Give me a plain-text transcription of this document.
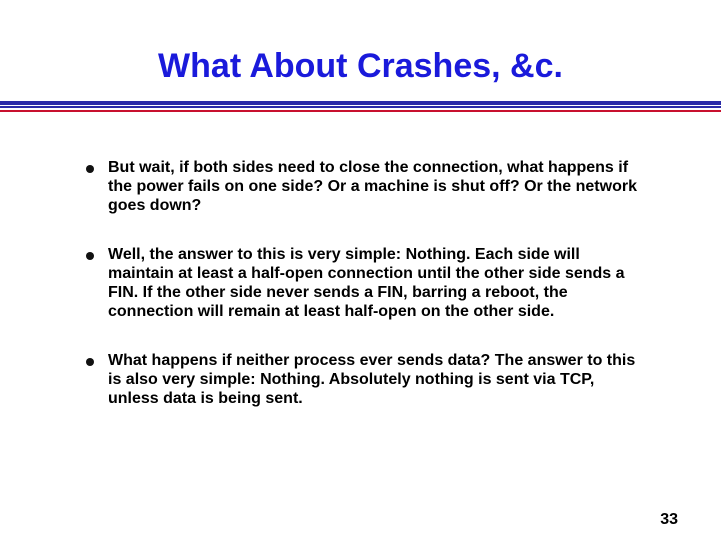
What About Crashes, &c.
But wait, if both sides need to close the connection, what happens if the power fails on one side? Or a machine is shut off? Or the network goes down?
Well, the answer to this is very simple: Nothing. Each side will maintain at least a half-open connection until the other side sends a FIN. If the other side never sends a FIN, barring a reboot, the connection will remain at least half-open on the other side.
What happens if neither process ever sends data? The answer to this is also very simple: Nothing. Absolutely nothing is sent via TCP, unless data is being sent.
33
